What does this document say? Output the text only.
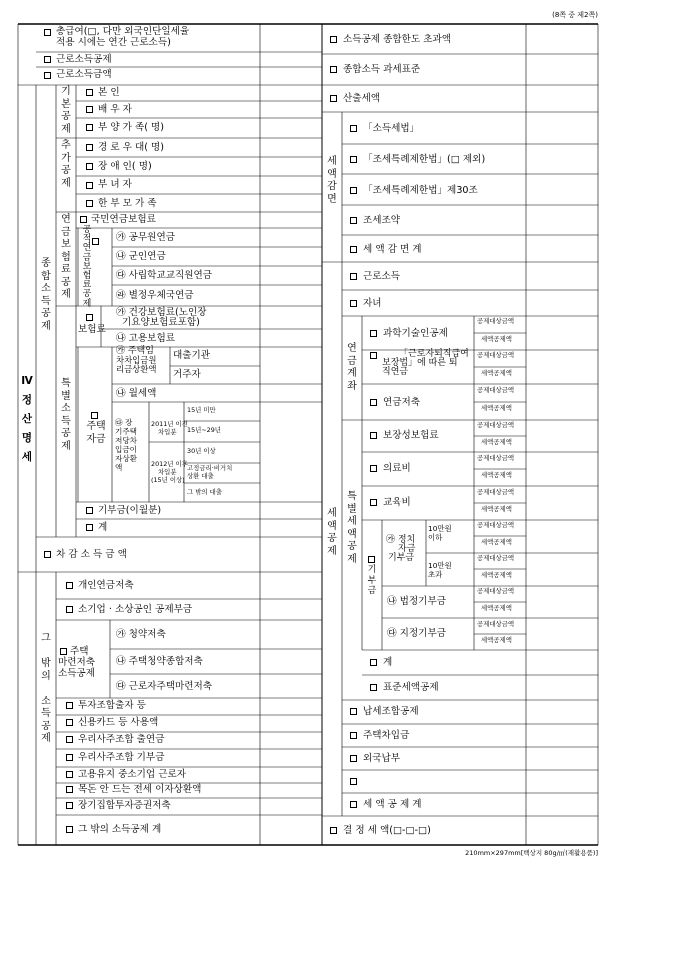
(8쪽 중 제2쪽)
Ⅳ
정
산
명
세
종
합
소
득
공
제
그

밖
의

소
득
공
제
기
본
공
제
추
가
공
제
연
금
보
험
료
공
제
특
별
소
득
공
제
공
적
연
금
보
험
료
공
제
총급여(□, 다만 외국인단일세율
적용 시에는 연간 근로소득)
근로소득공제
근로소득금액
본 인
배 우 자
부 양 가 족( 명)
경 로 우 대( 명)
장 애 인( 명)
부 녀 자
한 부 모 가 족
국민연금보험료
㉮ 공무원연금
㉯ 군인연금
㉰ 사립학교교직원연금
㉱ 별정우체국연금
보험료
㉮ 건강보험료(노인장
기요양보험료포함)
㉯ 고용보험료
주택
자금
㉮ 주택임
차차입금원
리금상환액
대출기관
거주자
㉯ 월세액
㉰ 장
기주택
저당차
입금이
자상환
액
2011년 이전
차입분
2012년 이후
차입분
(15년 이상)
15년 미만
15년~29년
30년 이상
고정금리·비거치
상환 대출
그 밖의 대출
기부금(이월분)
계
차 감 소 득 금 액
개인연금저축
소기업 · 소상공인 공제부금
주택
마련저축
소득공제
㉮ 청약저축
㉯ 주택청약종합저축
㉰ 근로자주택마련저축
투자조합출자 등
신용카드 등 사용액
우리사주조합 출연금
우리사주조합 기부금
고용유지 중소기업 근로자
목돈 안 드는 전세 이자상환액
장기집합투자증권저축
그 밖의 소득공제 계
소득공제 종합한도 초과액
종합소득 과세표준
산출세액
세
액
감
면
「소득세법」
「조세특례제한법」(□ 제외)
「조세특례제한법」제30조
조세조약
세 액 감 면 계
세
액
공
제
근로소득
자녀
연
금
계
좌
과학기술인공제
「근로자퇴직급여
보장법」에 따른 퇴
직연금
연금저축
특
별
세
액
공
제
보장성보험료
의료비
교육비
기
부
금
㉮ 정치
자금
기부금
10만원
이하
10만원
초과
㉯ 법정기부금
㉰ 지정기부금
공제대상금액
세액공제액
공제대상금액
세액공제액
공제대상금액
세액공제액
공제대상금액
세액공제액
공제대상금액
세액공제액
공제대상금액
세액공제액
공제대상금액
세액공제액
공제대상금액
세액공제액
공제대상금액
세액공제액
공제대상금액
세액공제액
계
표준세액공제
납세조합공제
주택차입금
외국납부
세 액 공 제 계
결 정 세 액(□-□-□)
210mm×297mm[백상지 80g/㎡(재활용품)]
